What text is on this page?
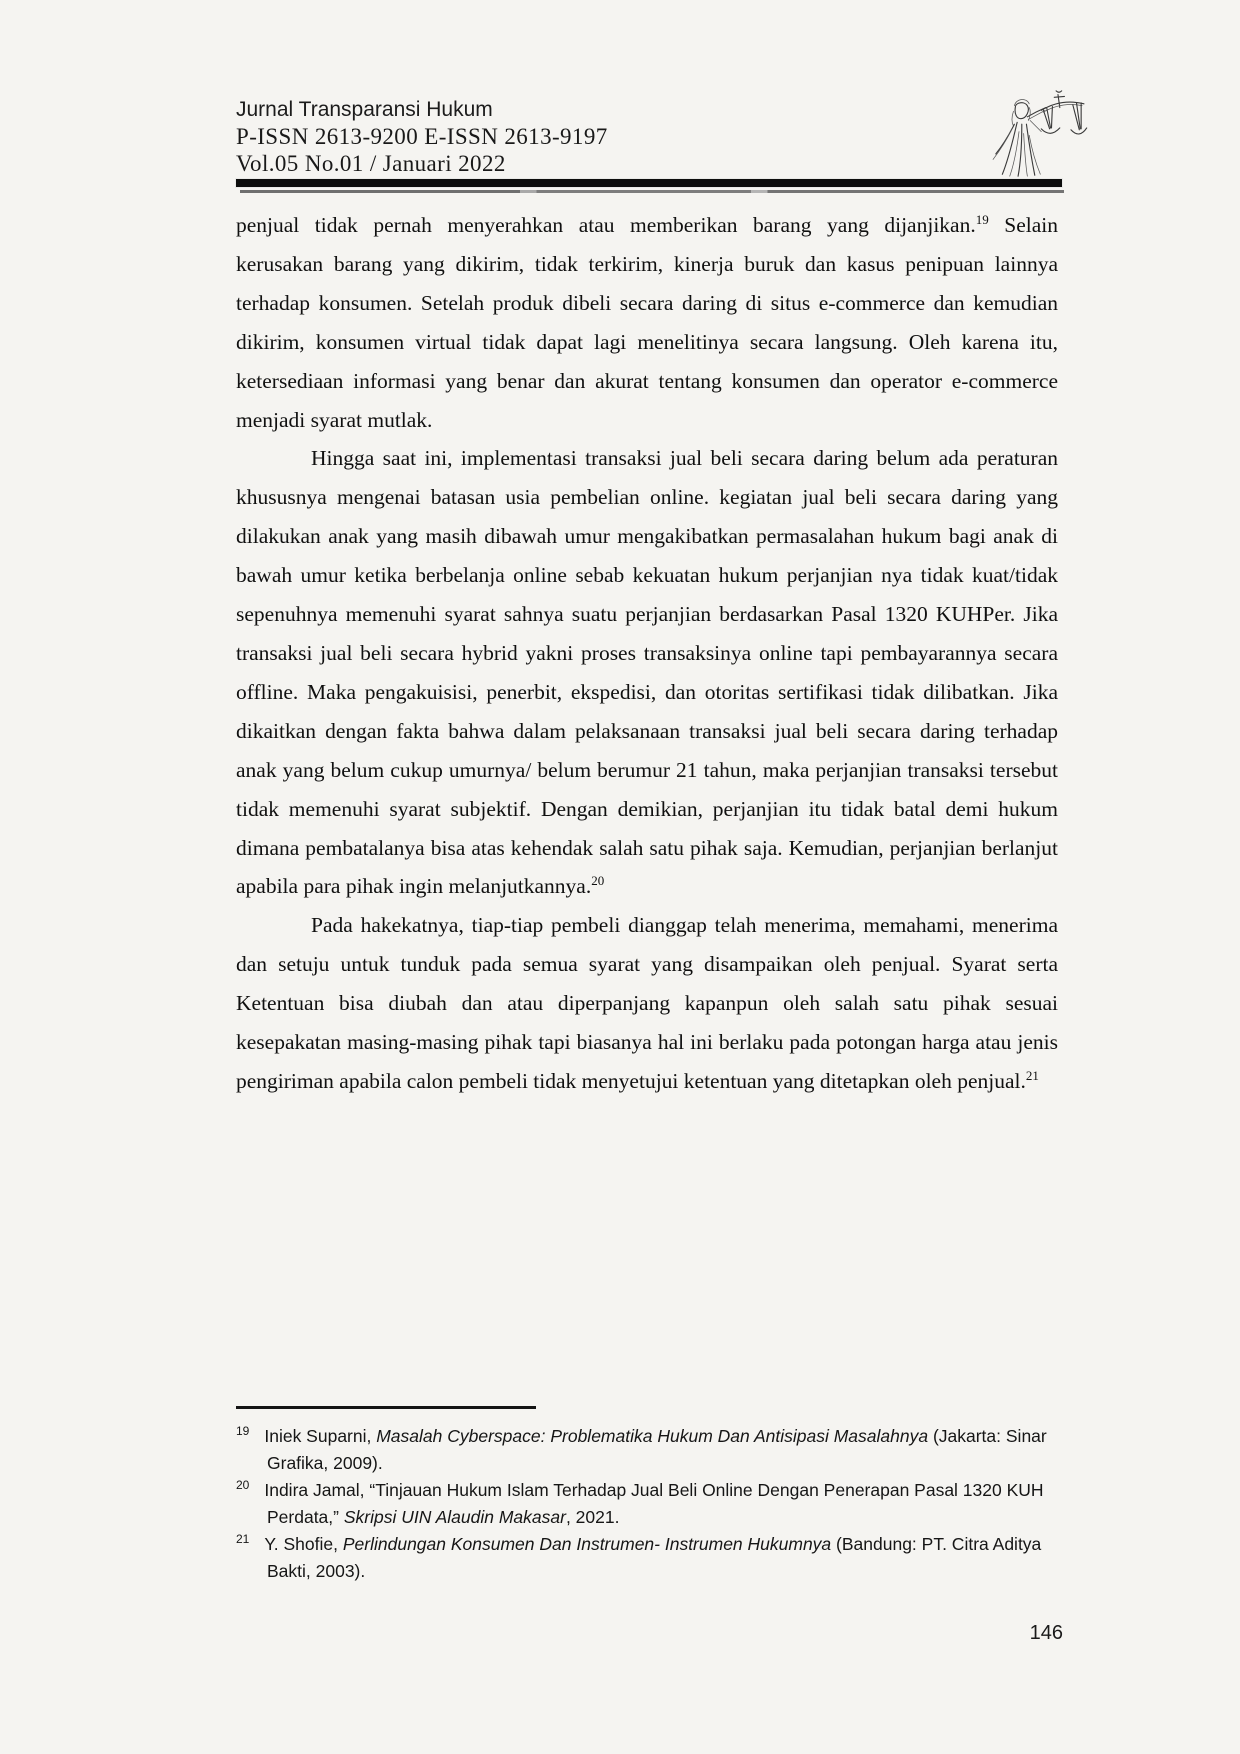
Jurnal Transparansi Hukum
P-ISSN 2613-9200 E-ISSN 2613-9197
Vol.05 No.01 / Januari 2022

penjual tidak pernah menyerahkan atau memberikan barang yang dijanjikan.$^{19}$ Selain kerusakan barang yang dikirim, tidak terkirim, kinerja buruk dan kasus penipuan lainnya terhadap konsumen. Setelah produk dibeli secara daring di situs e-commerce dan kemudian dikirim, konsumen virtual tidak dapat lagi menelitinya secara langsung. Oleh karena itu, ketersediaan informasi yang benar dan akurat tentang konsumen dan operator e-commerce menjadi syarat mutlak.

Hingga saat ini, implementasi transaksi jual beli secara daring belum ada peraturan khususnya mengenai batasan usia pembelian online. kegiatan jual beli secara daring yang dilakukan anak yang masih dibawah umur mengakibatkan permasalahan hukum bagi anak di bawah umur ketika berbelanja online sebab kekuatan hukum perjanjian nya tidak kuat/tidak sepenuhnya memenuhi syarat sahnya suatu perjanjian berdasarkan Pasal 1320 KUHPer. Jika transaksi jual beli secara hybrid yakni proses transaksinya online tapi pembayarannya secara offline. Maka pengakuisisi, penerbit, ekspedisi, dan otoritas sertifikasi tidak dilibatkan. Jika dikaitkan dengan fakta bahwa dalam pelaksanaan transaksi jual beli secara daring terhadap anak yang belum cukup umurnya/ belum berumur 21 tahun, maka perjanjian transaksi tersebut tidak memenuhi syarat subjektif. Dengan demikian, perjanjian itu tidak batal demi hukum dimana pembatalanya bisa atas kehendak salah satu pihak saja. Kemudian, perjanjian berlanjut apabila para pihak ingin melanjutkannya.$^{20}$

Pada hakekatnya, tiap-tiap pembeli dianggap telah menerima, memahami, menerima dan setuju untuk tunduk pada semua syarat yang disampaikan oleh penjual. Syarat serta Ketentuan bisa diubah dan atau diperpanjang kapanpun oleh salah satu pihak sesuai kesepakatan masing-masing pihak tapi biasanya hal ini berlaku pada potongan harga atau jenis pengiriman apabila calon pembeli tidak menyetujui ketentuan yang ditetapkan oleh penjual.$^{21}$

$^{19}$ Iniek Suparni, Masalah Cyberspace: Problematika Hukum Dan Antisipasi Masalahnya (Jakarta: Sinar Grafika, 2009).

$^{20}$ Indira Jamal, “Tinjauan Hukum Islam Terhadap Jual Beli Online Dengan Penerapan Pasal 1320 KUH Perdata,” Skripsi UIN Alaudin Makasar, 2021.

$^{21}$ Y. Shofie, Perlindungan Konsumen Dan Instrumen- Instrumen Hukumnya (Bandung: PT. Citra Aditya Bakti, 2003).

146
